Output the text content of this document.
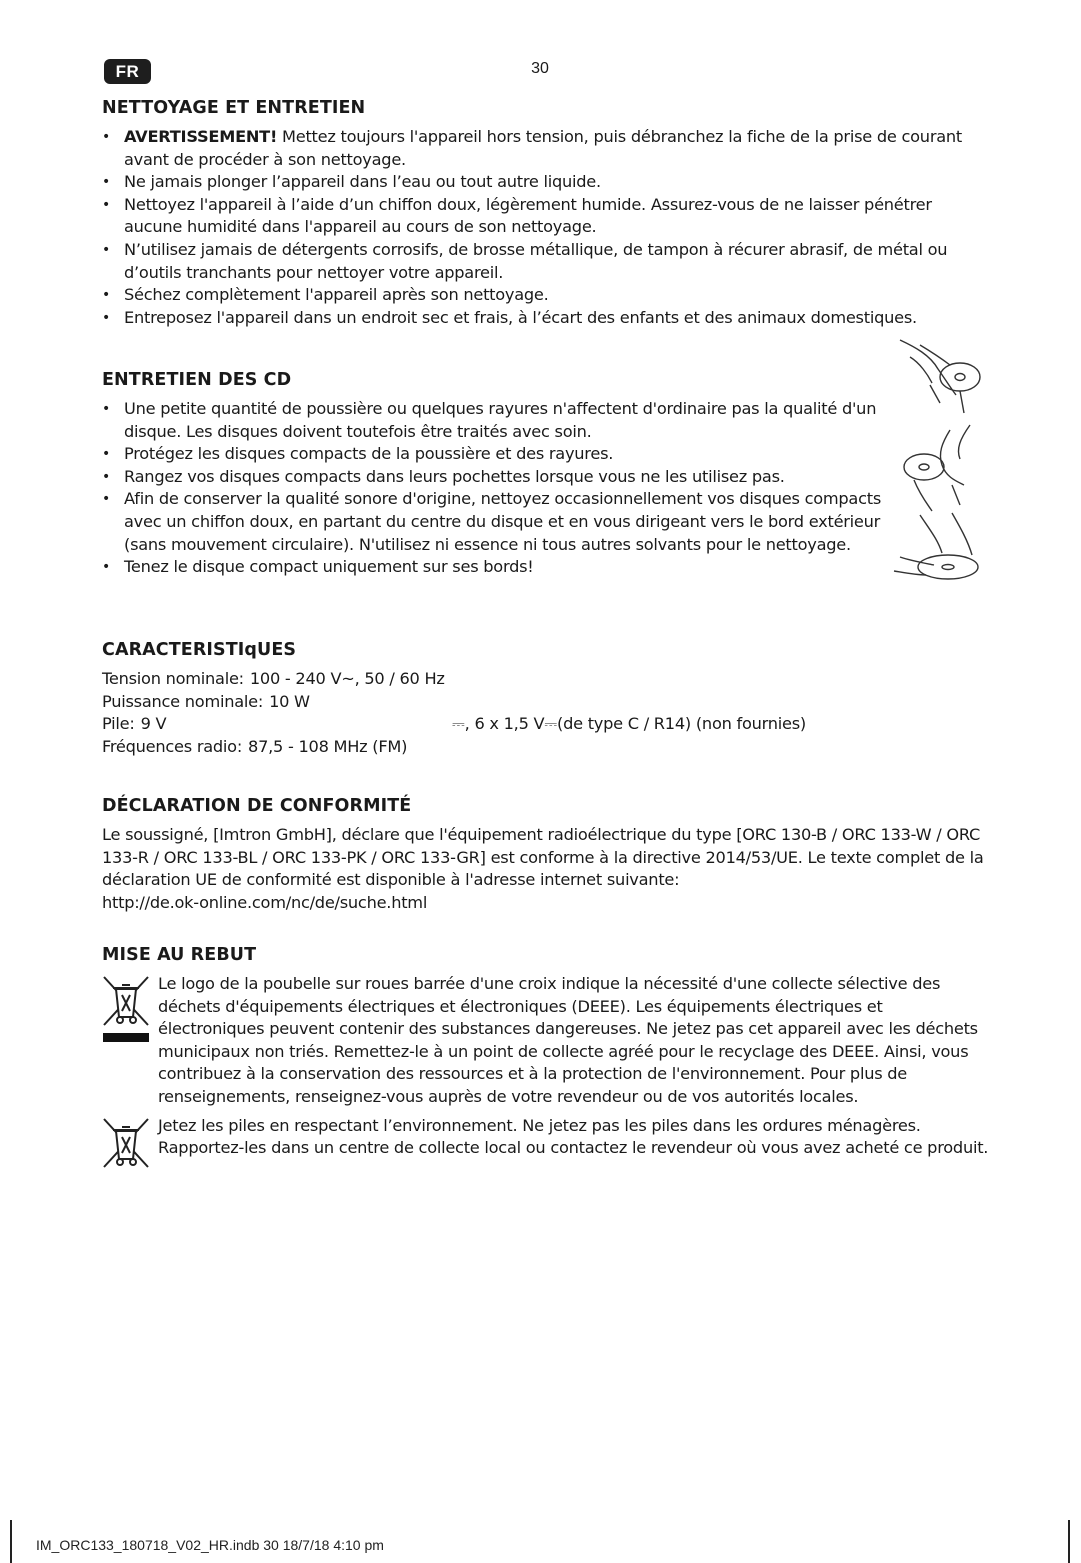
FR	30
NETTOYAGE ET ENTRETIEN
• AVERTISSEMENT! Mettez toujours l'appareil hors tension, puis débranchez la fiche de la prise de courant avant de procéder à son nettoyage.
• Ne jamais plonger l’appareil dans l’eau ou tout autre liquide.
• Nettoyez l'appareil à l’aide d’un chiffon doux, légèrement humide. Assurez-vous de ne laisser pénétrer aucune humidité dans l'appareil au cours de son nettoyage.
• N’utilisez jamais de détergents corrosifs, de brosse métallique, de tampon à récurer abrasif, de métal ou d’outils tranchants pour nettoyer votre appareil.
• Séchez complètement l'appareil après son nettoyage.
• Entreposez l'appareil dans un endroit sec et frais, à l’écart des enfants et des animaux domestiques.
ENTRETIEN DES CD
• Une petite quantité de poussière ou quelques rayures n'affectent d'ordinaire pas la qualité d'un disque. Les disques doivent toutefois être traités avec soin.
• Protégez les disques compacts de la poussière et des rayures.
• Rangez vos disques compacts dans leurs pochettes lorsque vous ne les utilisez pas.
• Afin de conserver la qualité sonore d'origine, nettoyez occasionnellement vos disques compacts avec un chiffon doux, en partant du centre du disque et en vous dirigeant vers le bord extérieur (sans mouvement circulaire). N'utilisez ni essence ni tous autres solvants pour le nettoyage.
• Tenez le disque compact uniquement sur ses bords!
CARACTERISTIqUES
Tension nominale: 100 - 240 V~, 50 / 60 Hz
Puissance nominale: 10 W
Pile: 9 V	⎓, 6 x 1,5 V⎓(de type C / R14) (non fournies)
Fréquences radio: 87,5 - 108 MHz (FM)
DÉCLARATION DE CONFORMITÉ

Le soussigné, [Imtron GmbH], déclare que l'équipement radioélectrique du type [ORC 130-B / ORC 133-W / ORC 133-R / ORC 133-BL / ORC 133-PK / ORC 133-GR] est conforme à la directive 2014/53/UE. Le texte complet de la déclaration UE de conformité est disponible à l'adresse internet suivante:
http://de.ok-online.com/nc/de/suche.html

MISE AU REBUT

Le logo de la poubelle sur roues barrée d'une croix indique la nécessité d'une collecte sélective des déchets d'équipements électriques et électroniques (DEEE). Les équipements électriques et électroniques peuvent contenir des substances dangereuses. Ne jetez pas cet appareil avec les déchets municipaux non triés. Remettez-le à un point de collecte agréé pour le recyclage des DEEE. Ainsi, vous contribuez à la conservation des ressources et à la protection de l'environnement. Pour plus de renseignements, renseignez-vous auprès de votre revendeur ou de vos autorités locales.

Jetez les piles en respectant l’environnement. Ne jetez pas les piles dans les ordures ménagères. Rapportez-les dans un centre de collecte local ou contactez le revendeur où vous avez acheté ce produit.

IM_ORC133_180718_V02_HR.indb 30 18/7/18 4:10 pm
